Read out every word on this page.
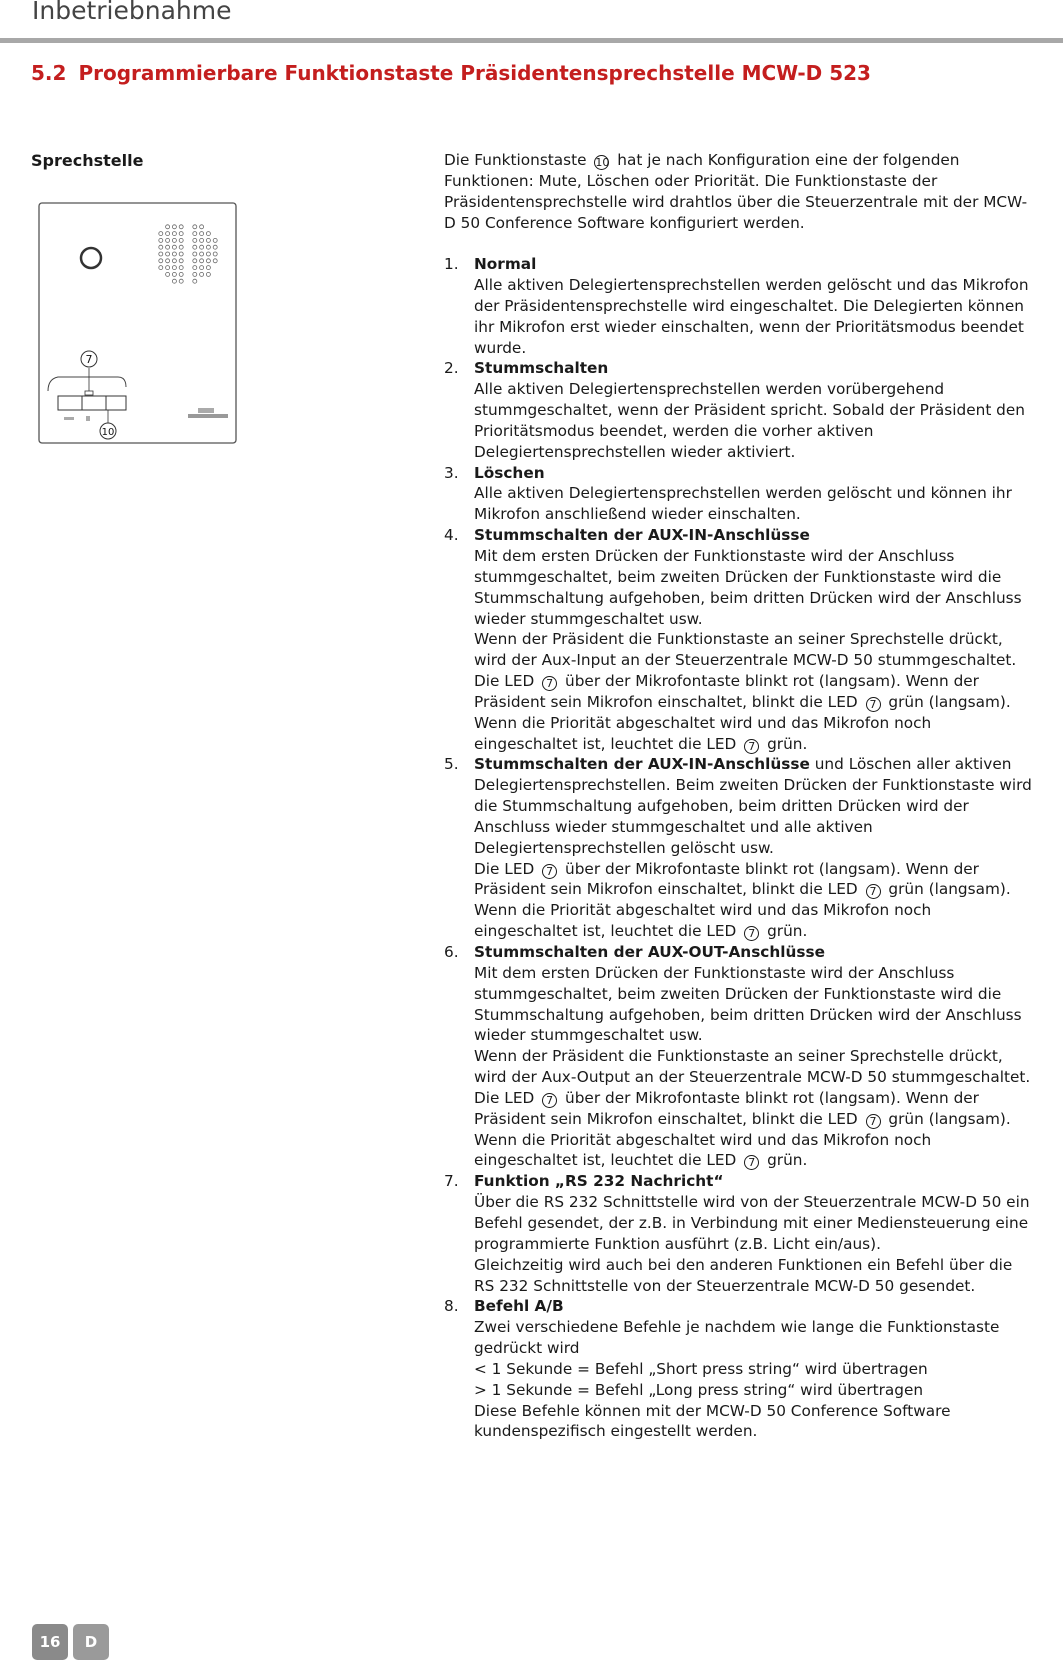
Inbetriebnahme
5.2 Programmierbare Funktionstaste Präsidentensprechstelle MCW-D 523
Sprechstelle
7
10

Die Funktionstaste 10 hat je nach Konfiguration eine der folgenden Funktionen: Mute, Löschen oder Priorität. Die Funktionstaste der Präsidentensprechstelle wird drahtlos über die Steuerzentrale mit der MCW-D 50 Conference Software konfiguriert werden.

1. Normal

Alle aktiven Delegiertensprechstellen werden gelöscht und das Mikrofon der Präsidentensprechstelle wird eingeschaltet. Die Delegierten können ihr Mikrofon erst wieder einschalten, wenn der Prioritätsmodus beendet wurde.

2. Stummschalten

Alle aktiven Delegiertensprechstellen werden vorübergehend stummgeschaltet, wenn der Präsident spricht. Sobald der Präsident den Prioritätsmodus beendet, werden die vorher aktiven Delegiertensprechstellen wieder aktiviert.

3. Löschen

Alle aktiven Delegiertensprechstellen werden gelöscht und können ihr Mikrofon anschließend wieder einschalten.

4. Stummschalten der AUX-IN-Anschlüsse

Mit dem ersten Drücken der Funktionstaste wird der Anschluss stummgeschaltet, beim zweiten Drücken der Funktionstaste wird die Stummschaltung aufgehoben, beim dritten Drücken wird der Anschluss wieder stummgeschaltet usw.

Wenn der Präsident die Funktionstaste an seiner Sprechstelle drückt, wird der Aux-Input an der Steuerzentrale MCW-D 50 stummgeschaltet. Die LED 7 über der Mikrofontaste blinkt rot (langsam). Wenn der Präsident sein Mikrofon einschaltet, blinkt die LED 7 grün (langsam). Wenn die Priorität abgeschaltet wird und das Mikrofon noch eingeschaltet ist, leuchtet die LED 7 grün.

5. Stummschalten der AUX-IN-Anschlüsse und Löschen aller aktiven Delegiertensprechstellen. Beim zweiten Drücken der Funktionstaste wird die Stummschaltung aufgehoben, beim dritten Drücken wird der Anschluss wieder stummgeschaltet und alle aktiven Delegiertensprechstellen gelöscht usw.

Die LED 7 über der Mikrofontaste blinkt rot (langsam). Wenn der Präsident sein Mikrofon einschaltet, blinkt die LED 7 grün (langsam). Wenn die Priorität abgeschaltet wird und das Mikrofon noch eingeschaltet ist, leuchtet die LED 7 grün.

6. Stummschalten der AUX-OUT-Anschlüsse

Mit dem ersten Drücken der Funktionstaste wird der Anschluss stummgeschaltet, beim zweiten Drücken der Funktionstaste wird die Stummschaltung aufgehoben, beim dritten Drücken wird der Anschluss wieder stummgeschaltet usw.

Wenn der Präsident die Funktionstaste an seiner Sprechstelle drückt, wird der Aux-Output an der Steuerzentrale MCW-D 50 stummgeschaltet. Die LED 7 über der Mikrofontaste blinkt rot (langsam). Wenn der Präsident sein Mikrofon einschaltet, blinkt die LED 7 grün (langsam). Wenn die Priorität abgeschaltet wird und das Mikrofon noch eingeschaltet ist, leuchtet die LED 7 grün.

7. Funktion „RS 232 Nachricht“

Über die RS 232 Schnittstelle wird von der Steuerzentrale MCW-D 50 ein Befehl gesendet, der z.B. in Verbindung mit einer Mediensteuerung eine programmierte Funktion ausführt (z.B. Licht ein/aus).

Gleichzeitig wird auch bei den anderen Funktionen ein Befehl über die RS 232 Schnittstelle von der Steuerzentrale MCW-D 50 gesendet.

8. Befehl A/B

Zwei verschiedene Befehle je nachdem wie lange die Funktionstaste gedrückt wird

< 1 Sekunde = Befehl „Short press string“ wird übertragen

> 1 Sekunde = Befehl „Long press string“ wird übertragen

Diese Befehle können mit der MCW-D 50 Conference Software kundenspezifisch eingestellt werden.

16	D
